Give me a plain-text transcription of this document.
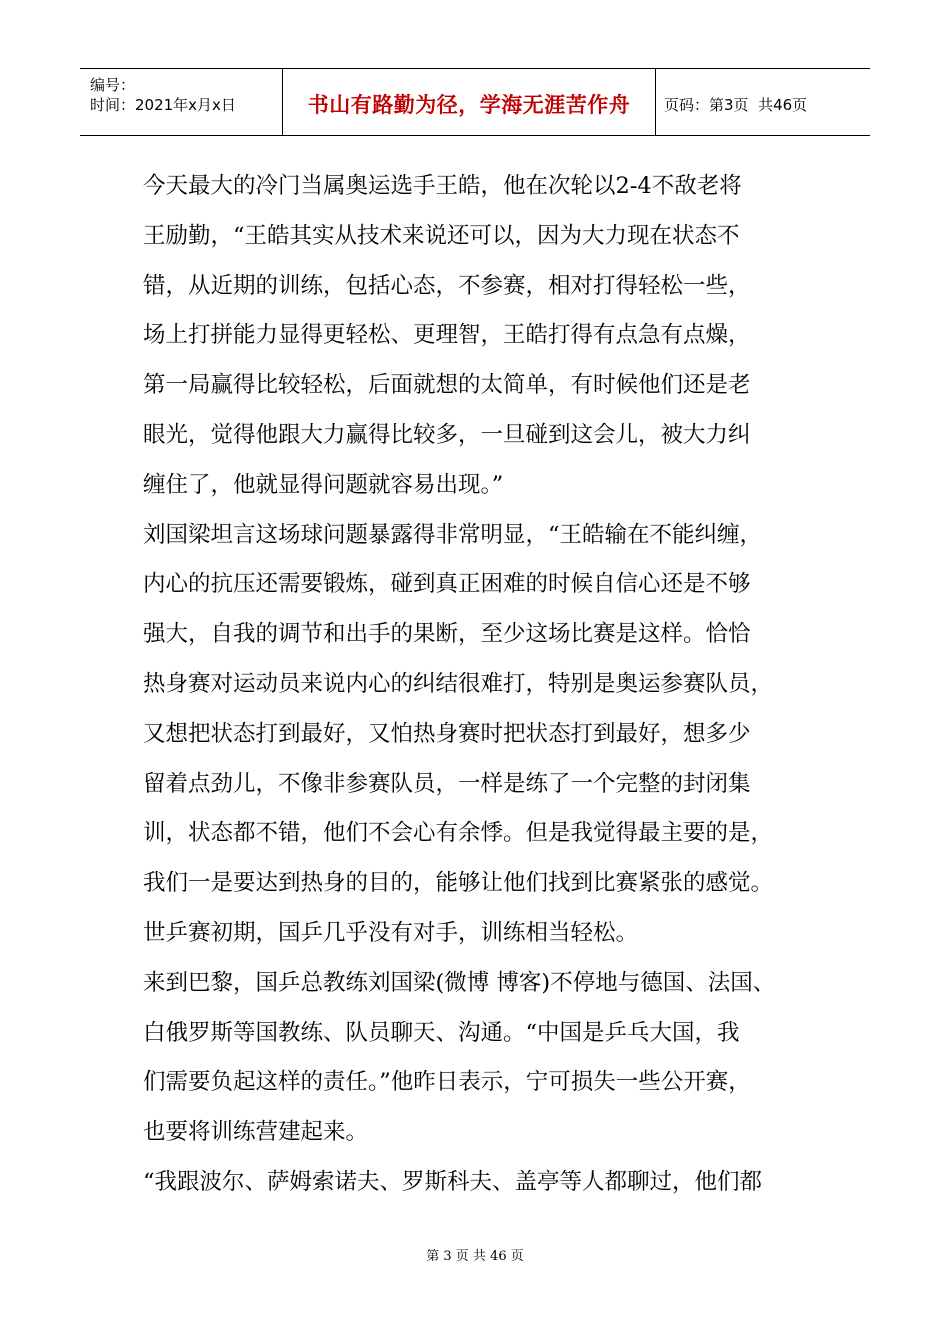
编号：
时间：2021年x月x日	书山有路勤为径，学海无涯苦作舟 页码：第3页  共46页
今天最大的冷门当属奥运选手王皓，他在次轮以2-4不敌老将
王励勤，“王皓其实从技术来说还可以，因为大力现在状态不
错，从近期的训练，包括心态，不参赛，相对打得轻松一些，
场上打拼能力显得更轻松、更理智，王皓打得有点急有点燥，
第一局赢得比较轻松，后面就想的太简单，有时候他们还是老
眼光，觉得他跟大力赢得比较多，一旦碰到这会儿，被大力纠
缠住了，他就显得问题就容易出现。”
刘国梁坦言这场球问题暴露得非常明显，“王皓输在不能纠缠，
内心的抗压还需要锻炼，碰到真正困难的时候自信心还是不够
强大，自我的调节和出手的果断，至少这场比赛是这样。恰恰
热身赛对运动员来说内心的纠结很难打，特别是奥运参赛队员，
又想把状态打到最好，又怕热身赛时把状态打到最好，想多少
留着点劲儿，不像非参赛队员，一样是练了一个完整的封闭集
训，状态都不错，他们不会心有余悸。但是我觉得最主要的是，
我们一是要达到热身的目的，能够让他们找到比赛紧张的感觉。
世乒赛初期，国乒几乎没有对手，训练相当轻松。
来到巴黎，国乒总教练刘国梁(微博 博客)不停地与德国、法国、
白俄罗斯等国教练、队员聊天、沟通。“中国是乒乓大国，我
们需要负起这样的责任。”他昨日表示，宁可损失一些公开赛，
也要将训练营建起来。
“我跟波尔、萨姆索诺夫、罗斯科夫、盖亭等人都聊过，他们都
第 3 页 共 46 页
